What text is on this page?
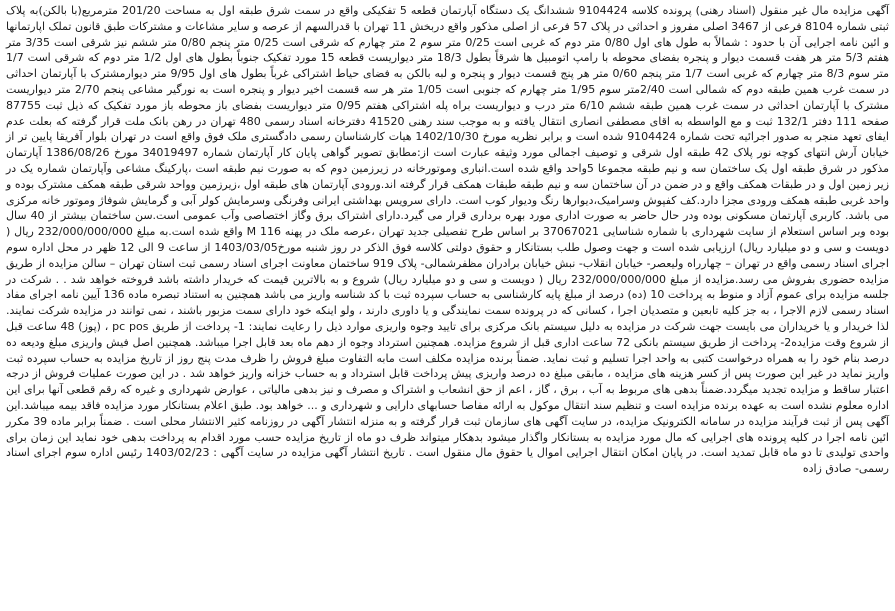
آگهی مزایده مال غیر منقول (اسناد رهنی) پرونده کلاسه 9104424 ششدانگ یک دستگاه آپارتمان قطعه 5 تفکیکی واقع در سمت شرق طبقه اول به مساحت 201/20 مترمربع(با بالکن)به پلاک ثبتی شماره 8104 فرعی از 3467 اصلی مفروز و احداثی در پلاک 57 فرعی از اصلی مذکور واقع دربخش 11 تهران با قدرالسهم از عرصه و سایر مشاعات و مشترکات طبق قانون تملک اپارتمانها و ائین نامه اجرایی آن با حدود : شمالاً به طول های اول 0/80 متر دوم که غربی است 0/25 متر سوم 2 متر چهارم که شرقی است 0/25 متر پنجم 0/80 متر ششم نیز شرقی است 3/35 متر هفتم 5/3 متر هر هفت قسمت دیوار و پنجره بفضای محوطه با رامپ اتومبیل ها شرقاً بطول 18/3 متر دیواریست قطعه 15 مورد تفکیک جنوباً بطول های اول 1/2 متر دوم که شرقی است 1/7 متر سوم 8/3 متر چهارم که غربی است 1/7 متر پنجم 0/60 متر هر پنج قسمت دیوار و پنجره و لبه بالکن به فضای حیاط اشتراکی غرباً بطول های اول 9/95 متر دیوارمشترک با آپارتمان احداثی در سمت غرب همین طبقه دوم که شمالی است 2/40متر سوم 1/95 متر چهارم که جنوبی است 1/05 متر هر سه قسمت اخیر دیوار و پنجره است به نورگیر مشاعی پنجم 2/70 متر دیواریست مشترک با آپارتمان احداثی در سمت غرب همین طبقه ششم 6/10 متر درب و دیواریست براه پله اشتراکی هفتم 0/95 متر دیواریست بفضای باز محوطه باز مورد تفکیک که ذیل ثبت 87755 صفحه 111 دفتر 132/1 ثبت و مع الواسطه به اقای مصطفی انصاری انتقال یافته و به موجب سند رهنی 41520 دفترخانه اسناد رسمی 480 تهران در رهن بانک ملت قرار گرفته که بعلت عدم ایفای تعهد منجر به صدور اجرائیه تحت شماره 9104424 شده است و برابر نظریه مورخ 1402/10/30 هیات کارشناسان رسمی دادگستری ملک فوق واقع است در تهران بلوار آفریقا پایین تر از خیابان آرش انتهای کوچه نور پلاک 42 طبقه اول شرقی و توصیف اجمالی مورد وثیقه عبارت است از:مطابق تصویر گواهی پایان کار آپارتمان شماره 34019497 مورخ 1386/08/26 آپارتمان مذکور در شرق طبقه اول یک ساختمان سه و نیم طبقه مجموعا 5واحد واقع شده است.انباری وموتورخانه در زیرزمین دوم که به صورت نیم طبقه است ،پارکینگ مشاعی وآپارتمان شماره یک در زیر زمین اول و در طبقات همکف واقع و در ضمن در آن ساختمان سه و نیم طبقه طبقات همکف قرار گرفته اند.ورودی آپارتمان های طبقه اول ،زیرزمین وواحد شرقی طبقه همکف مشترک بوده و واحد غربی طبقه همکف ورودی مجزا دارد.کف کفپوش وسرامیک،دیوارها رنگ ودیوار کوب است. دارای سرویس بهداشتی ایرانی وفرنگی وسرمایش کولر آبی و گرمایش شوفاژ وموتور خانه مرکزی می باشد. کاربری آپارتمان مسکونی بوده ودر حال حاضر به صورت اداری مورد بهره برداری قرار می گیرد.دارای اشتراک برق وگاز اختصاصی وآب عمومی است.سن ساختمان بیشتر از 40 سال بوده وبر اساس استعلام از سایت شهرداری با شماره شناسایی 37067021 بر اساس طرح تفصیلی جدید تهران ،عرصه ملک در پهنه M 116 واقع شده است.به مبلغ 232/000/000/000 ریال ( دویست و سی و دو میلیارد ریال) ارزیابی شده است و جهت وصول طلب بستانکار و حقوق دولتی کلاسه فوق الذکر در روز شنبه مورخ1403/03/05 از ساعت 9 الی 12 ظهر در محل اداره سوم اجرای اسناد رسمی واقع در تهران – چهارراه ولیعصر- خیابان انقلاب- نبش خیابان برادران مظفرشمالی- پلاک 919 ساختمان معاونت اجرای اسناد رسمی ثبت استان تهران – سالن مزایده از طریق مزایده حضوری بفروش می رسد.مزایده از مبلغ 232/000/000/000 ریال ( دویست و سی و دو میلیارد ریال) شروع و به بالاترین قیمت که خریدار داشته باشد فروخته خواهد شد . . شرکت در جلسه مزایده برای عموم آزاد و منوط به پرداخت 10 (ده) درصد از مبلغ پایه کارشناسی به حساب سپرده ثبت با کد شناسه واریز می باشد همچنین به استناد تبصره ماده 136 آیین نامه اجرای مفاد اسناد رسمی لازم الاجرا ، به جز کلیه تابعین و متصدیان اجرا ، کسانی که در پرونده سمت نمایندگی و یا داوری دارند ، ولو اینکه خود دارای سمت مزبور باشند ، نمی توانند در مزایده شرکت نمایند. لذا خریدار و یا خریداران می بایست جهت شرکت در مزایده به دلیل سیستم بانک مرکزی برای تایید وجوه واریزی موارد ذیل را رعایت نمایند: 1- پرداخت از طریق pc pos ، (پوز) 48 ساعت قبل از شروع وقت مزایده2- پرداخت از طریق سیستم بانکی 72 ساعت اداری قبل از شروع مزایده. همچنین استرداد وجوه از دهم ماه بعد قابل اجرا میباشد. همچنین اصل فیش واریزی مبلغ ودیعه ده درصد بنام خود را به همراه درخواست کتبی به واحد اجرا تسلیم و ثبت نماید. ضمناً برنده مزایده مکلف است مابه التفاوت مبلغ فروش را ظرف مدت پنج روز از تاریخ مزایده به حساب سپرده ثبت واریز نماید در غیر این صورت پس از کسر هزینه های مزایده ، مابقی مبلغ ده درصد واریزی پیش پرداخت قابل استرداد و به حساب خزانه واریز خواهد شد . در این صورت عملیات فروش از درجه اعتبار ساقط و مزایده تجدید میگردد.ضمناً بدهی های مربوط به آب ، برق ، گاز ، اعم از حق انشعاب و اشتراک و مصرف و نیز بدهی مالیاتی ، عوارض شهرداری و غیره که رقم قطعی آنها برای این اداره معلوم نشده است به عهده برنده مزایده است و تنظیم سند انتقال موکول به ارائه مفاصا حسابهای دارایی و شهرداری و ... خواهد بود. طبق اعلام بستانکار مورد مزایده فاقد بیمه میباشد.این آگهی پس از ثبت فرآیند مزایده در سامانه الکترونیک مزایده، در سایت آگهی های سازمان ثبت قرار گرفته و به منزله انتشار آگهی در روزنامه کثیر الانتشار محلی است . ضمناً برابر ماده 39 مکرر ائین نامه اجرا در کلیه پرونده های اجرایی که مال مورد مزایده به بستانکار واگذار میشود بدهکار میتواند ظرف دو ماه از تاریخ مزایده حسب مورد اقدام به پرداخت بدهی خود نماید این زمان برای واحدی تولیدی تا دو ماه قابل تمدید است. در پایان امکان انتقال اجرایی اموال یا حقوق مال منقول است . تاریخ انتشار آگهی مزایده در سایت آگهی : 1403/02/23 رئیس اداره سوم اجرای اسناد رسمی- صادق زاده
